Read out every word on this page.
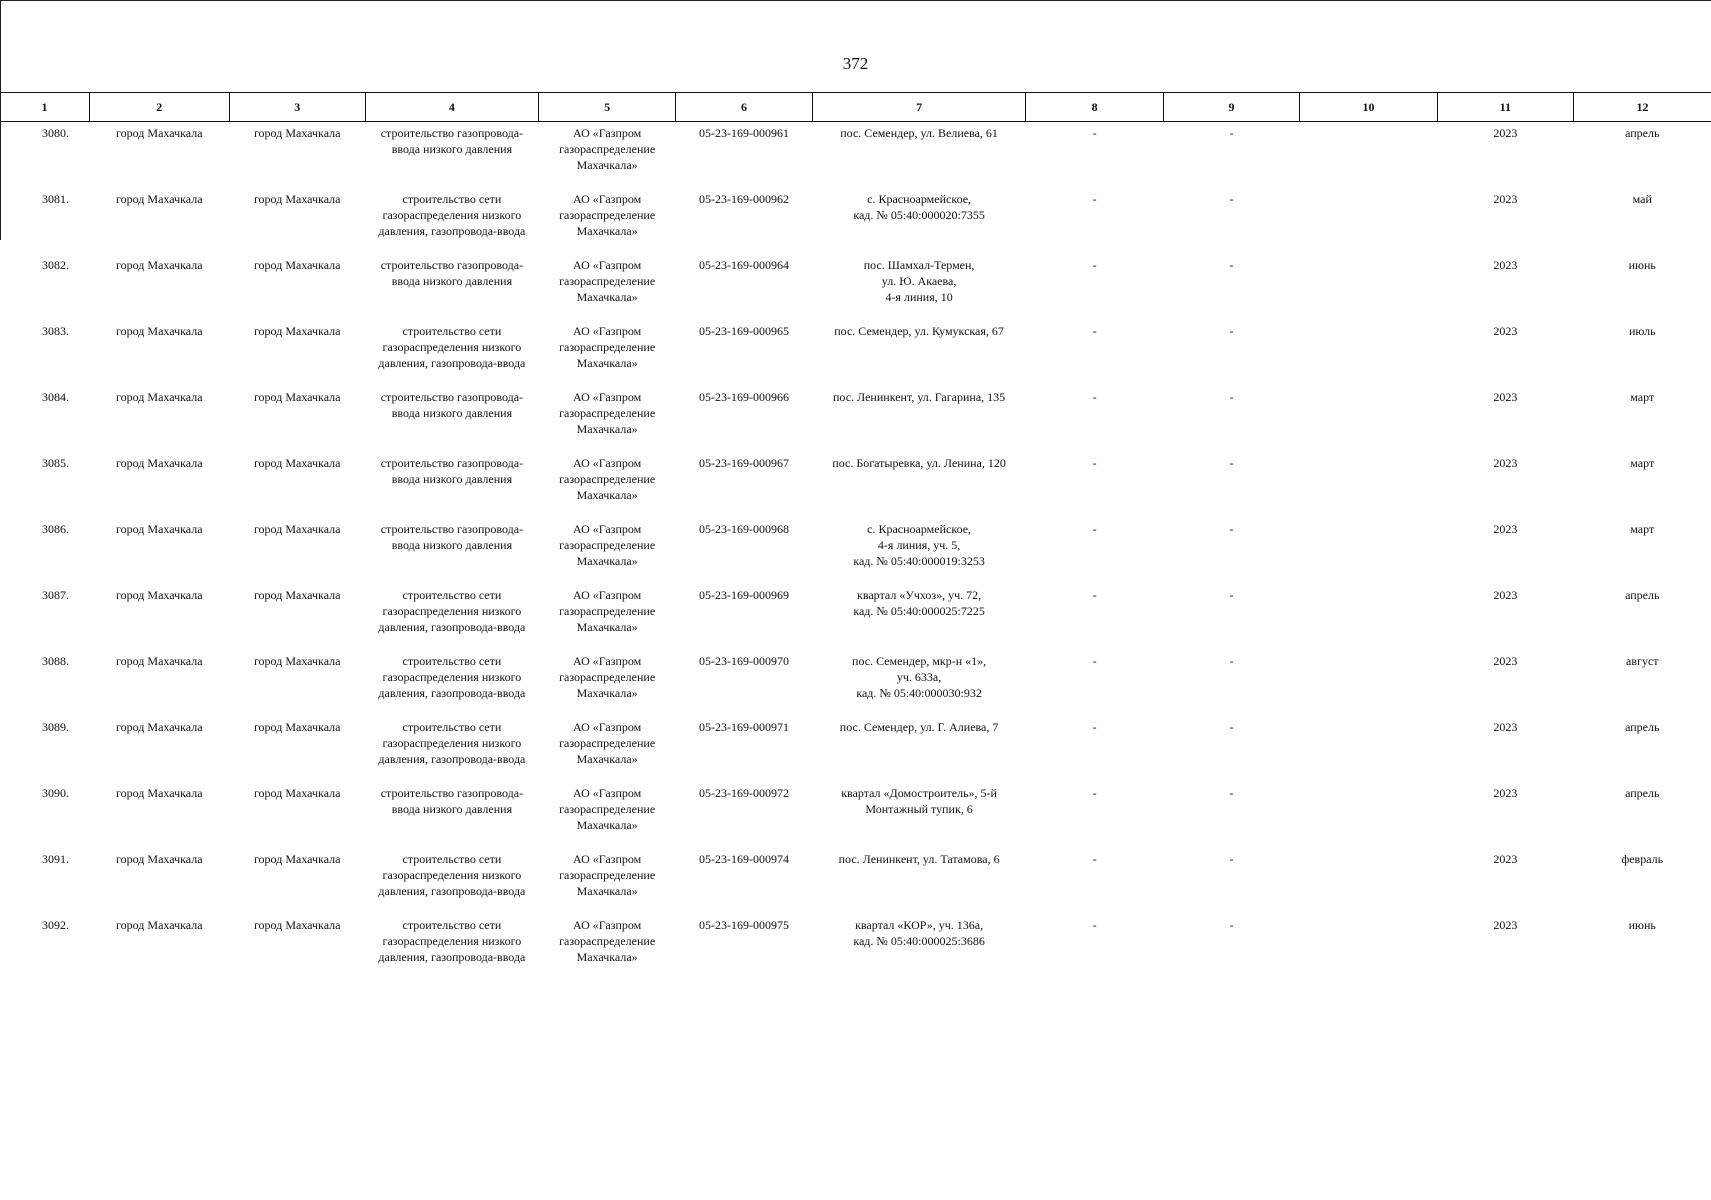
372
1	2	3	4	5	6	7	8	9	10	11	12
3080.	город Махачкала	город Махачкала	строительство газопровода-
ввода низкого давления	АО «Газпром
газораспределение
Махачкала»	05-23-169-000961	пос. Семендер, ул. Велиева, 61	-	-		2023	апрель
3081.	город Махачкала	город Махачкала	строительство сети
газораспределения низкого
давления, газопровода-ввода	АО «Газпром
газораспределение
Махачкала»	05-23-169-000962	с. Красноармейское,
кад. № 05:40:000020:7355	-	-		2023	май
3082.	город Махачкала	город Махачкала	строительство газопровода-
ввода низкого давления	АО «Газпром
газораспределение
Махачкала»	05-23-169-000964	пос. Шамхал-Термен,
ул. Ю. Акаева,
4-я линия, 10	-	-		2023	июнь
3083.	город Махачкала	город Махачкала	строительство сети
газораспределения низкого
давления, газопровода-ввода	АО «Газпром
газораспределение
Махачкала»	05-23-169-000965	пос. Семендер, ул. Кумукская, 67	-	-		2023	июль
3084.	город Махачкала	город Махачкала	строительство газопровода-
ввода низкого давления	АО «Газпром
газораспределение
Махачкала»	05-23-169-000966	пос. Ленинкент, ул. Гагарина, 135	-	-		2023	март
3085.	город Махачкала	город Махачкала	строительство газопровода-
ввода низкого давления	АО «Газпром
газораспределение
Махачкала»	05-23-169-000967	пос. Богатыревка, ул. Ленина, 120	-	-		2023	март
3086.	город Махачкала	город Махачкала	строительство газопровода-
ввода низкого давления	АО «Газпром
газораспределение
Махачкала»	05-23-169-000968	с. Красноармейское,
4-я линия, уч. 5,
кад. № 05:40:000019:3253	-	-		2023	март
3087.	город Махачкала	город Махачкала	строительство сети
газораспределения низкого
давления, газопровода-ввода	АО «Газпром
газораспределение
Махачкала»	05-23-169-000969	квартал «Учхоз», уч. 72,
кад. № 05:40:000025:7225	-	-		2023	апрель
3088.	город Махачкала	город Махачкала	строительство сети
газораспределения низкого
давления, газопровода-ввода	АО «Газпром
газораспределение
Махачкала»	05-23-169-000970	пос. Семендер, мкр-н «1»,
уч. 633а,
кад. № 05:40:000030:932	-	-		2023	август
3089.	город Махачкала	город Махачкала	строительство сети
газораспределения низкого
давления, газопровода-ввода	АО «Газпром
газораспределение
Махачкала»	05-23-169-000971	пос. Семендер, ул. Г. Алиева, 7	-	-		2023	апрель
3090.	город Махачкала	город Махачкала	строительство газопровода-
ввода низкого давления	АО «Газпром
газораспределение
Махачкала»	05-23-169-000972	квартал «Домостроитель», 5-й
Монтажный тупик, 6	-	-		2023	апрель
3091.	город Махачкала	город Махачкала	строительство сети
газораспределения низкого
давления, газопровода-ввода	АО «Газпром
газораспределение
Махачкала»	05-23-169-000974	пос. Ленинкент, ул. Татамова, 6	-	-		2023	февраль
3092.	город Махачкала	город Махачкала	строительство сети
газораспределения низкого
давления, газопровода-ввода	АО «Газпром
газораспределение
Махачкала»	05-23-169-000975	квартал «КОР», уч. 136а,
кад. № 05:40:000025:3686	-	-		2023	июнь
